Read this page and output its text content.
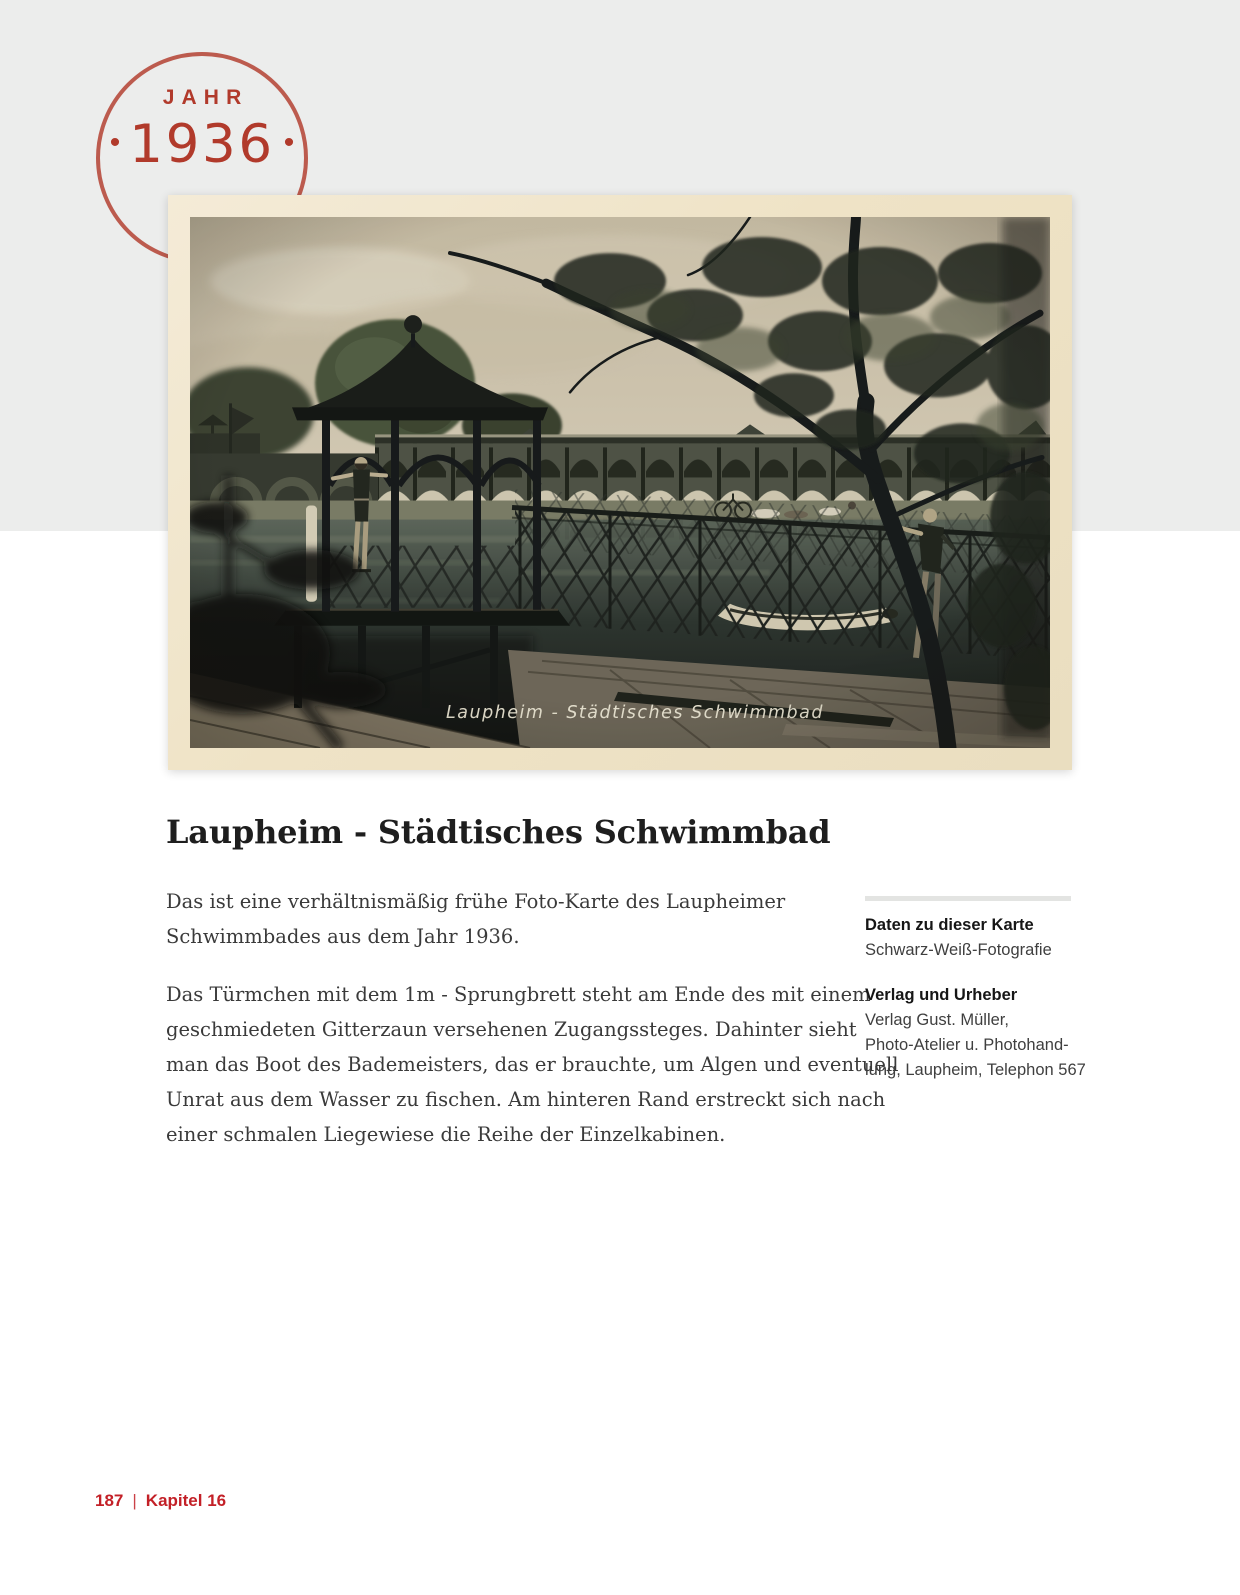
JAHR
• 1936 •
Laupheim - Städtisches Schwimmbad
Das ist eine verhältnismäßig frühe Foto-Karte des Laupheimer
Schwimmbades aus dem Jahr 1936.
Das Türmchen mit dem 1m - Sprungbrett steht am Ende des mit einem
geschmiedeten Gitterzaun versehenen Zugangssteges. Dahinter sieht
man das Boot des Bademeisters, das er brauchte, um Algen und eventuell
Unrat aus dem Wasser zu fischen. Am hinteren Rand erstreckt sich nach
einer schmalen Liegewiese die Reihe der Einzelkabinen.
Daten zu dieser Karte
Schwarz-Weiß-Fotografie
Verlag und Urheber
Verlag Gust. Müller,
Photo-Atelier u. Photohand-
lung, Laupheim, Telephon 567
187 | Kapitel 16
